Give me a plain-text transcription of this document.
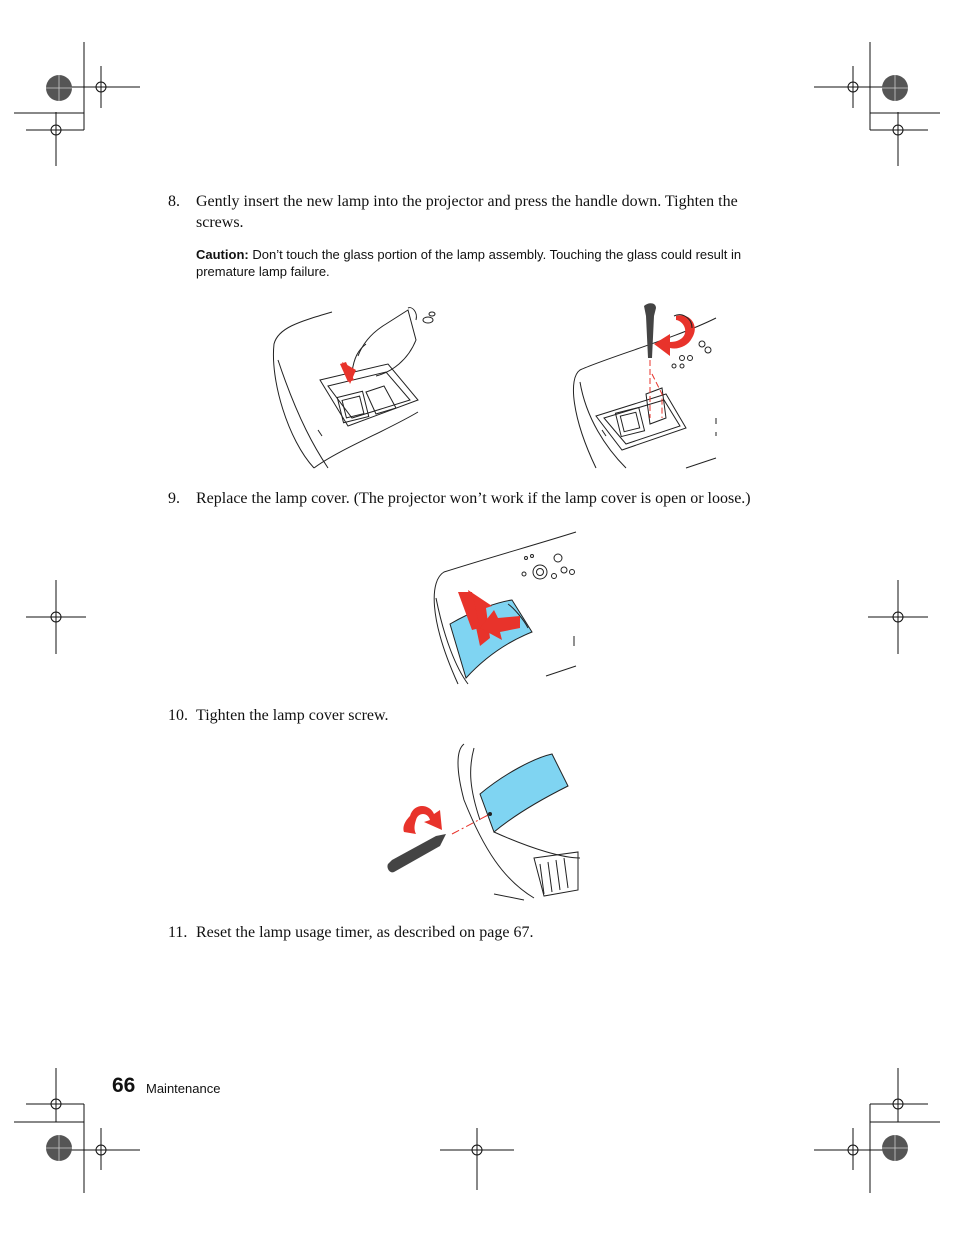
8. Gently insert the new lamp into the projector and press the handle down. Tighten the screws.
Caution: Don’t touch the glass portion of the lamp assembly. Touching the glass could result in premature lamp failure.
9. Replace the lamp cover. (The projector won’t work if the lamp cover is open or loose.)
10. Tighten the lamp cover screw.
11. Reset the lamp usage timer, as described on page 67.
66 Maintenance
